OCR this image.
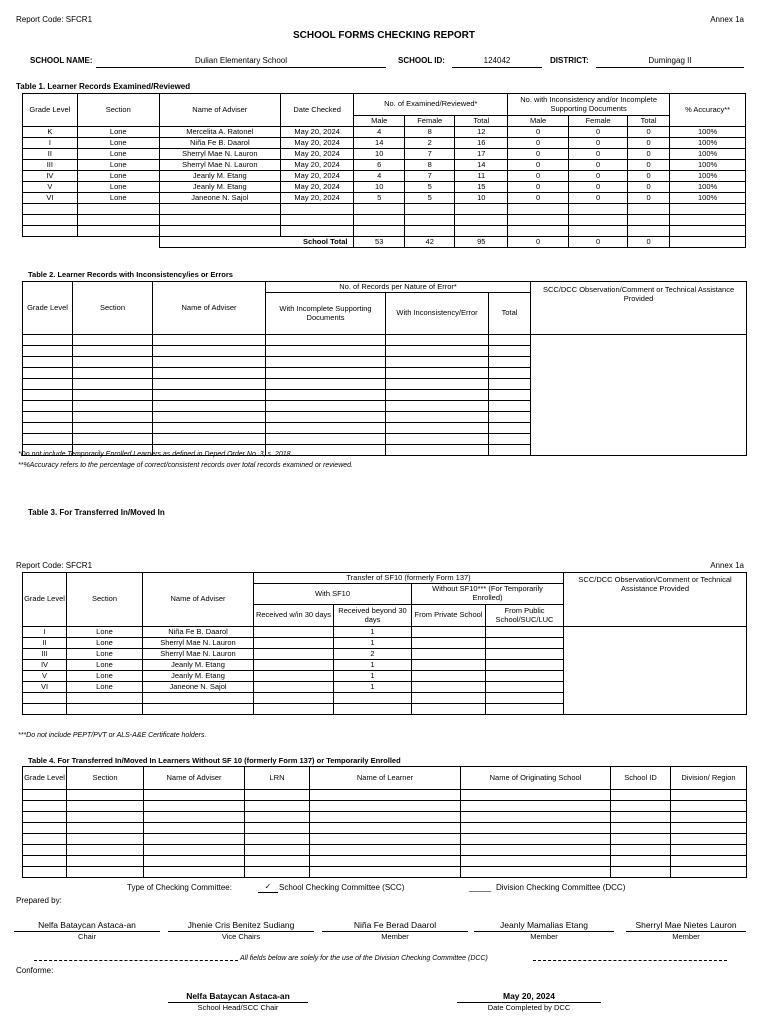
Report Code: SFCR1	Annex 1a
SCHOOL FORMS CHECKING REPORT
SCHOOL NAME:	Dulian Elementary School	SCHOOL ID:	124042	DISTRICT:	Dumingag II
Table 1. Learner Records Examined/Reviewed
Grade Level	Section	Name of Adviser	Date Checked	No. of Examined/Reviewed*			No. with Inconsistency and/or Incomplete Supporting Documents			% Accuracy**
				Male	Female	Total	Male	Female	Total	
K	Lone	Mercelita A. Ratonel	May 20, 2024	4	8	12	0	0	0	100%
I	Lone	Niña Fe B. Daarol	May 20, 2024	14	2	16	0	0	0	100%
II	Lone	Sherryl Mae N. Lauron	May 20, 2024	10	7	17	0	0	0	100%
III	Lone	Sherryl Mae N. Lauron	May 20, 2024	6	8	14	0	0	0	100%
IV	Lone	Jeanly M. Etang	May 20, 2024	4	7	11	0	0	0	100%
V	Lone	Jeanly M. Etang	May 20, 2024	10	5	15	0	0	0	100%
VI	Lone	Janeone N. Sajol	May 20, 2024	5	5	10	0	0	0	100%

		School Total		53	42	95	0	0	0	
Table 2. Learner Records with Inconsistency/ies or Errors
Grade Level	Section	Name of Adviser	No. of Records per Nature of Error*			SCC/DCC Observation/Comment or Technical Assistance Provided
			With Incomplete Supporting Documents	With Inconsistency/Error	Total	

*Do not include Temporarily Enrolled Learners as defined in Deped Order No. 3, s. 2018.
**%Accuracy refers to the percentage of correct/consistent records over total records examined or reviewed.
Table 3. For Transferred In/Moved In
Report Code: SFCR1	Annex 1a
Grade Level	Section	Name of Adviser	Transfer of SF10 (formerly Form 137)				SCC/DCC Observation/Comment or Technical Assistance Provided
			With SF10		Without SF10*** (For Temporarily Enrolled)		
			Received w/in 30 days	Received beyond 30 days	From Private School	From Public School/SUC/LUC	
I	Lone	Niña Fe B. Daarol		1			
II	Lone	Sherryl Mae N. Lauron		1			
III	Lone	Sherryl Mae N. Lauron		2			
IV	Lone	Jeanly M. Etang		1			
V	Lone	Jeanly M. Etang		1			
VI	Lone	Janeone N. Sajol		1			

***Do not include PEPT/PVT or ALS-A&E Certificate holders.
Table 4. For Transferred In/Moved In Learners Without SF 10 (formerly Form 137) or Temporarily Enrolled
Grade Level	Section	Name of Adviser	LRN	Name of Learner	Name of Originating School	School ID	Division/ Region

Type of Checking Committee:	✓ School Checking Committee (SCC)	_____ Division Checking Committee (DCC)
Prepared by:
Nelfa Bataycan Astaca-an
Chair
Jhenie Cris Benitez Sudiang
Vice Chairs
Niña Fe Berad Daarol
Member
Jeanly Mamalias Etang
Member
Sherryl Mae Nietes Lauron
Member
All fields below are solely for the use of the Division Checking Committee (DCC)
Conforme:
Nelfa Bataycan Astaca-an
School Head/SCC Chair
May 20, 2024
Date Completed by DCC
